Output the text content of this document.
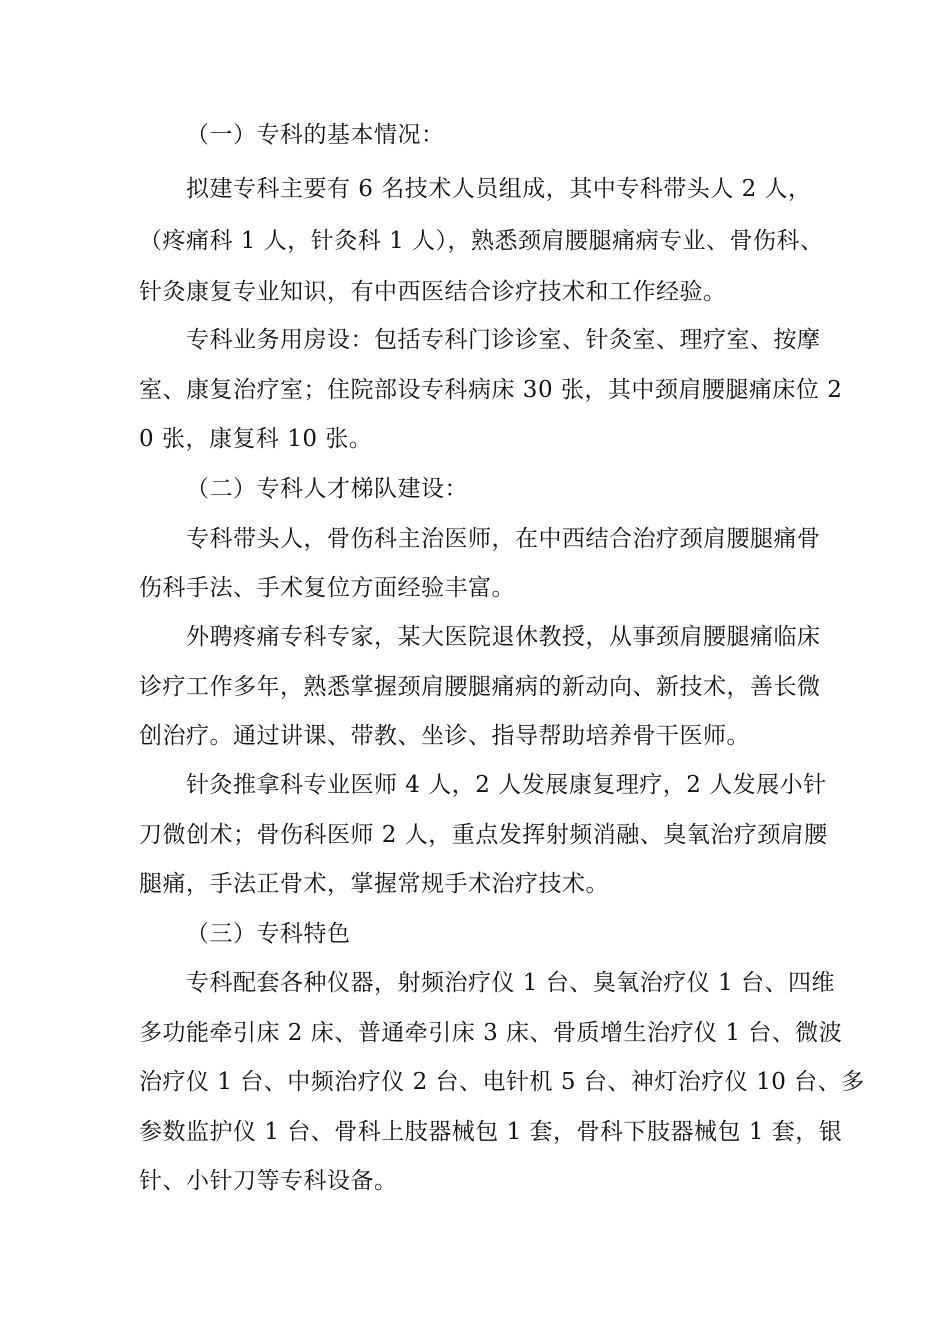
（一）专科的基本情况：
拟建专科主要有 6 名技术人员组成，其中专科带头人 2 人，
（疼痛科 1 人，针灸科 1 人），熟悉颈肩腰腿痛病专业、骨伤科、
针灸康复专业知识，有中西医结合诊疗技术和工作经验。
专科业务用房设：包括专科门诊诊室、针灸室、理疗室、按摩
室、康复治疗室；住院部设专科病床 30 张，其中颈肩腰腿痛床位 2
0 张，康复科 10 张。
（二）专科人才梯队建设：
专科带头人，骨伤科主治医师，在中西结合治疗颈肩腰腿痛骨
伤科手法、手术复位方面经验丰富。
外聘疼痛专科专家，某大医院退休教授，从事颈肩腰腿痛临床
诊疗工作多年，熟悉掌握颈肩腰腿痛病的新动向、新技术，善长微
创治疗。通过讲课、带教、坐诊、指导帮助培养骨干医师。
针灸推拿科专业医师 4 人，2 人发展康复理疗，2 人发展小针
刀微创术；骨伤科医师 2 人，重点发挥射频消融、臭氧治疗颈肩腰
腿痛，手法正骨术，掌握常规手术治疗技术。
（三）专科特色
专科配套各种仪器，射频治疗仪 1 台、臭氧治疗仪 1 台、四维
多功能牵引床 2 床、普通牵引床 3 床、骨质增生治疗仪 1 台、微波
治疗仪 1 台、中频治疗仪 2 台、电针机 5 台、神灯治疗仪 10 台、多
参数监护仪 1 台、骨科上肢器械包 1 套，骨科下肢器械包 1 套，银
针、小针刀等专科设备。
